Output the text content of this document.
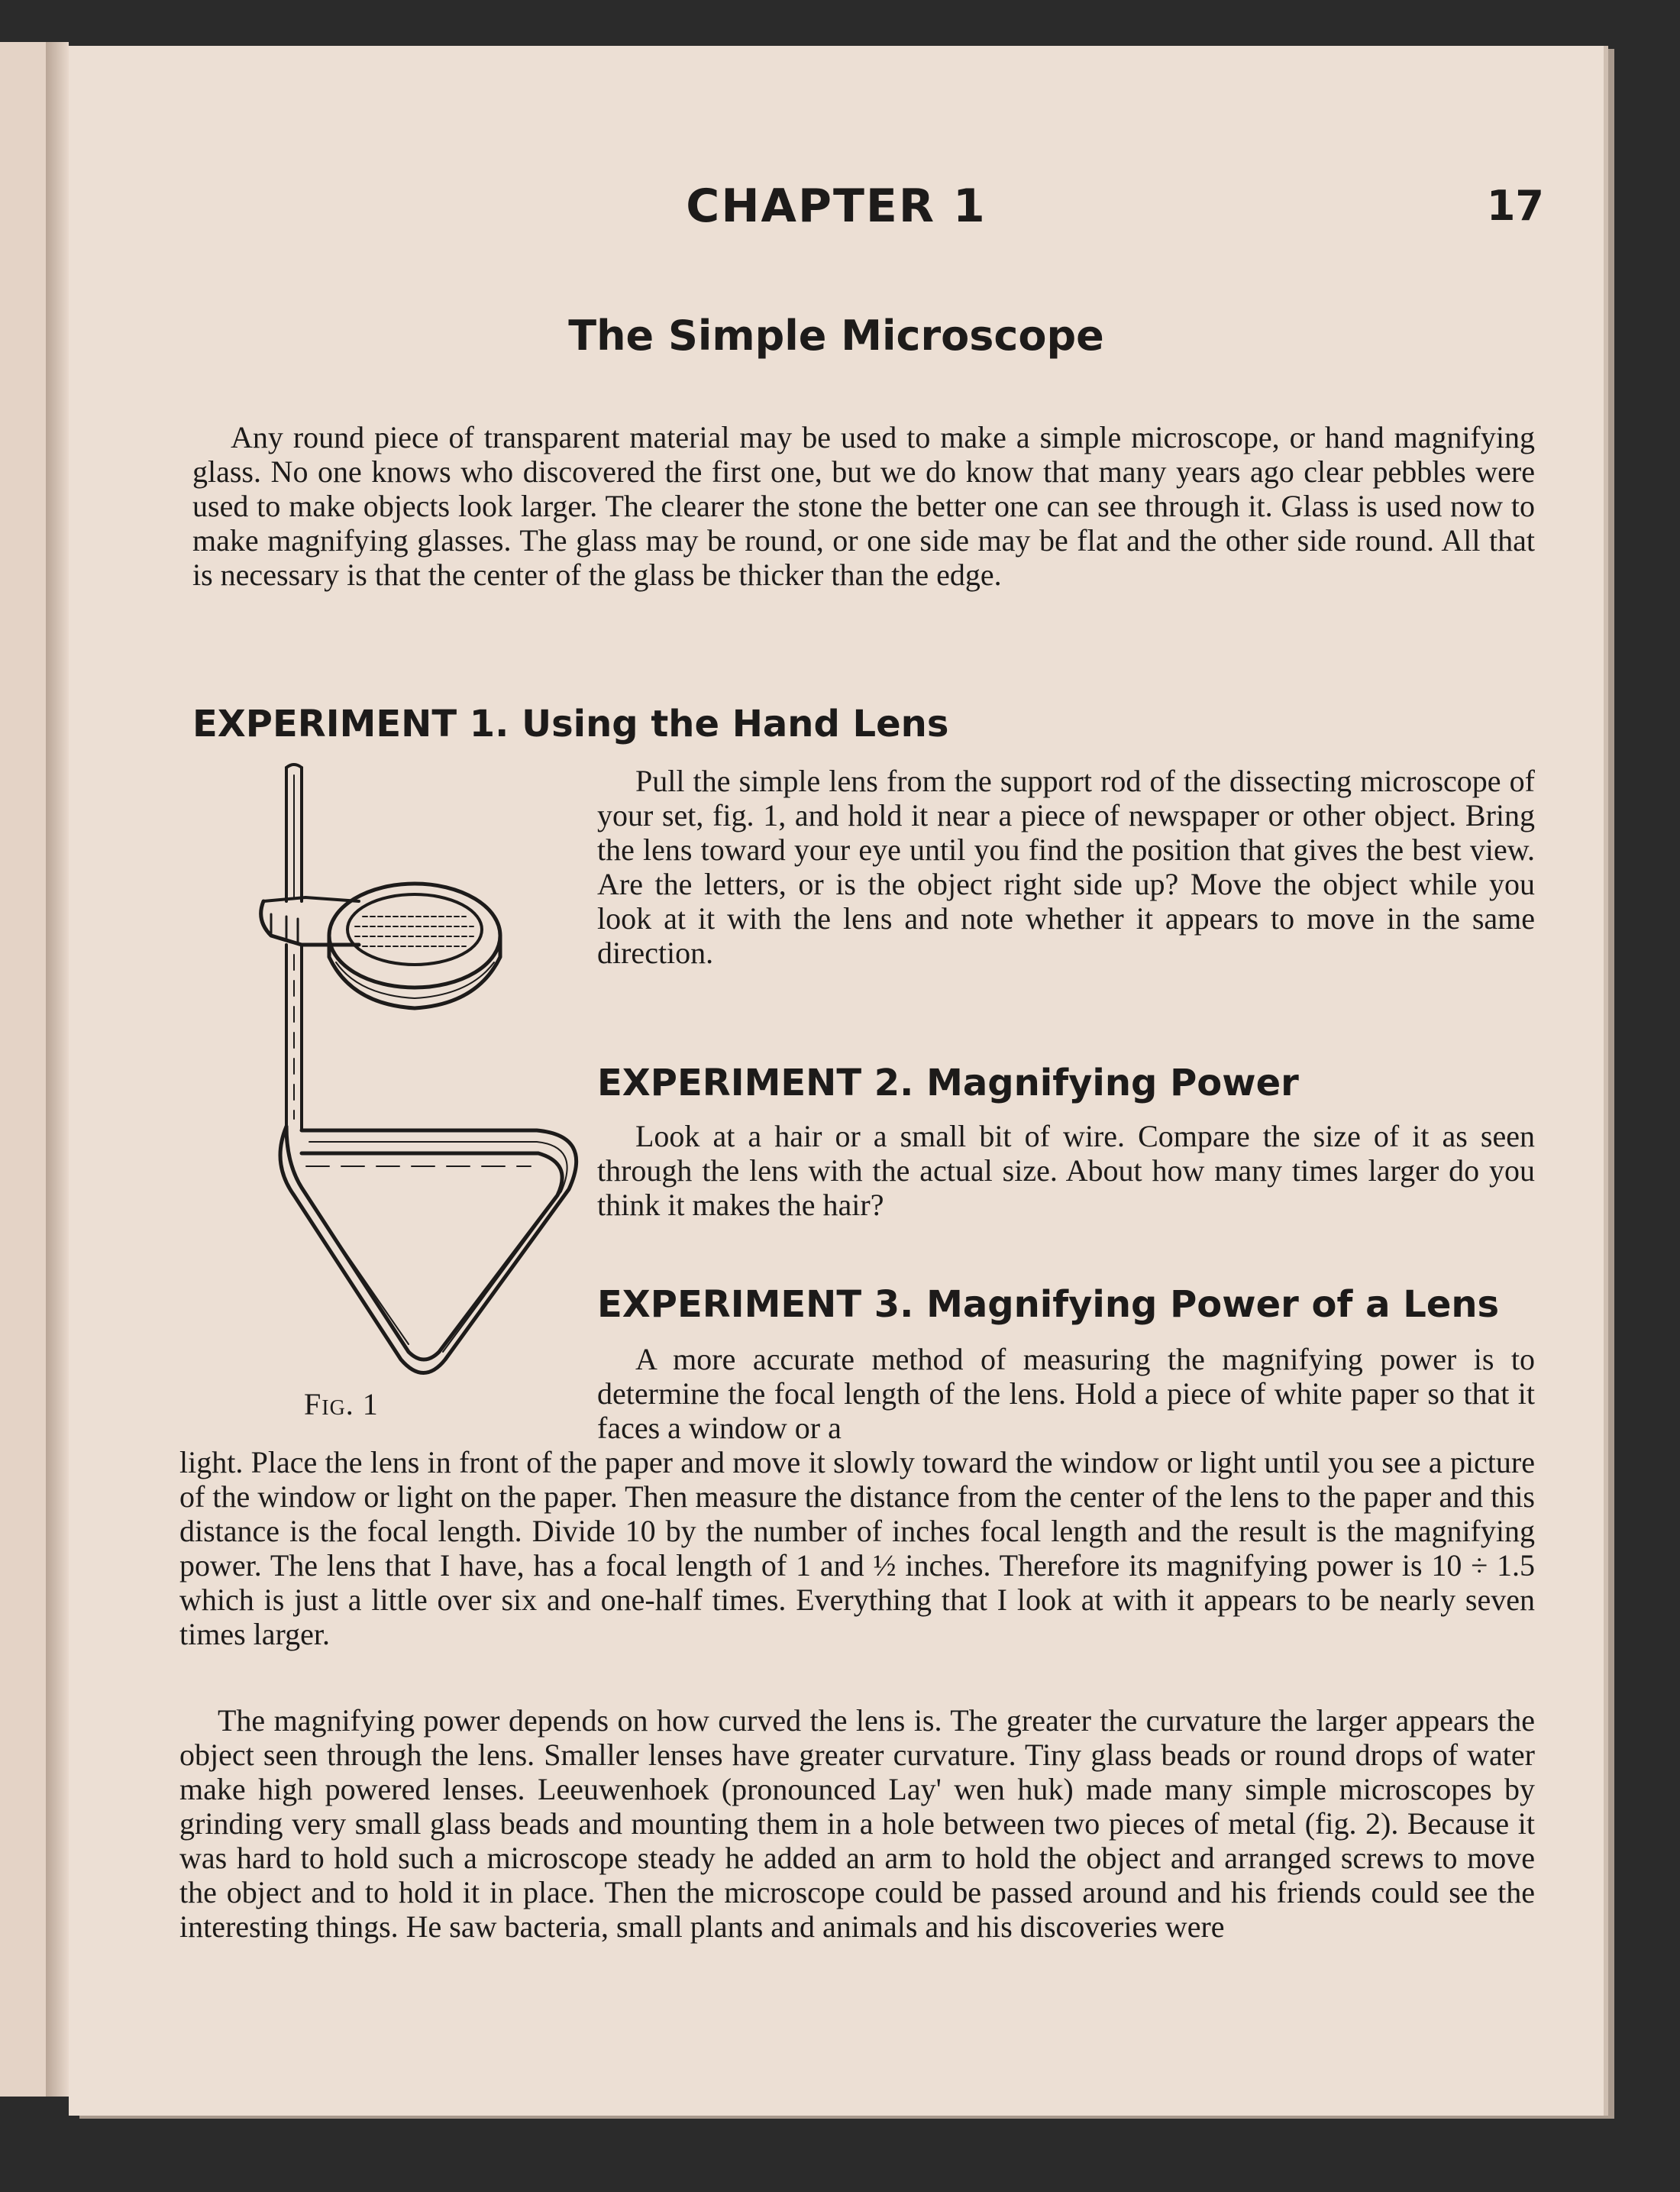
CHAPTER 1	17
The Simple Microscope

Any round piece of transparent material may be used to make a simple microscope, or hand magnifying glass. No one knows who discovered the first one, but we do know that many years ago clear pebbles were used to make objects look larger. The clearer the stone the better one can see through it. Glass is used now to make magnifying glasses. The glass may be round, or one side may be flat and the other side round. All that is necessary is that the center of the glass be thicker than the edge.

EXPERIMENT 1. Using the Hand Lens

Pull the simple lens from the support rod of the dissecting microscope of your set, fig. 1, and hold it near a piece of newspaper or other object. Bring the lens toward your eye until you find the position that gives the best view. Are the letters, or is the object right side up? Move the object while you look at it with the lens and note whether it appears to move in the same direction.

EXPERIMENT 2. Magnifying Power

Look at a hair or a small bit of wire. Compare the size of it as seen through the lens with the actual size. About how many times larger do you think it makes the hair?

EXPERIMENT 3. Magnifying Power of a Lens

A more accurate method of measuring the magnifying power is to determine the focal length of the lens. Hold a piece of white paper so that it faces a window or a

light. Place the lens in front of the paper and move it slowly toward the window or light until you see a picture of the window or light on the paper. Then measure the distance from the center of the lens to the paper and this distance is the focal length. Divide 10 by the number of inches focal length and the result is the magnifying power. The lens that I have, has a focal length of 1 and ½ inches. Therefore its magnifying power is 10 ÷ 1.5 which is just a little over six and one-half times. Everything that I look at with it appears to be nearly seven times larger.

The magnifying power depends on how curved the lens is. The greater the curvature the larger appears the object seen through the lens. Smaller lenses have greater curvature. Tiny glass beads or round drops of water make high powered lenses. Leeuwenhoek (pronounced Lay' wen huk) made many simple microscopes by grinding very small glass beads and mounting them in a hole between two pieces of metal (fig. 2). Because it was hard to hold such a microscope steady he added an arm to hold the object and arranged screws to move the object and to hold it in place. Then the microscope could be passed around and his friends could see the interesting things. He saw bacteria, small plants and animals and his discoveries were

Fig. 1
